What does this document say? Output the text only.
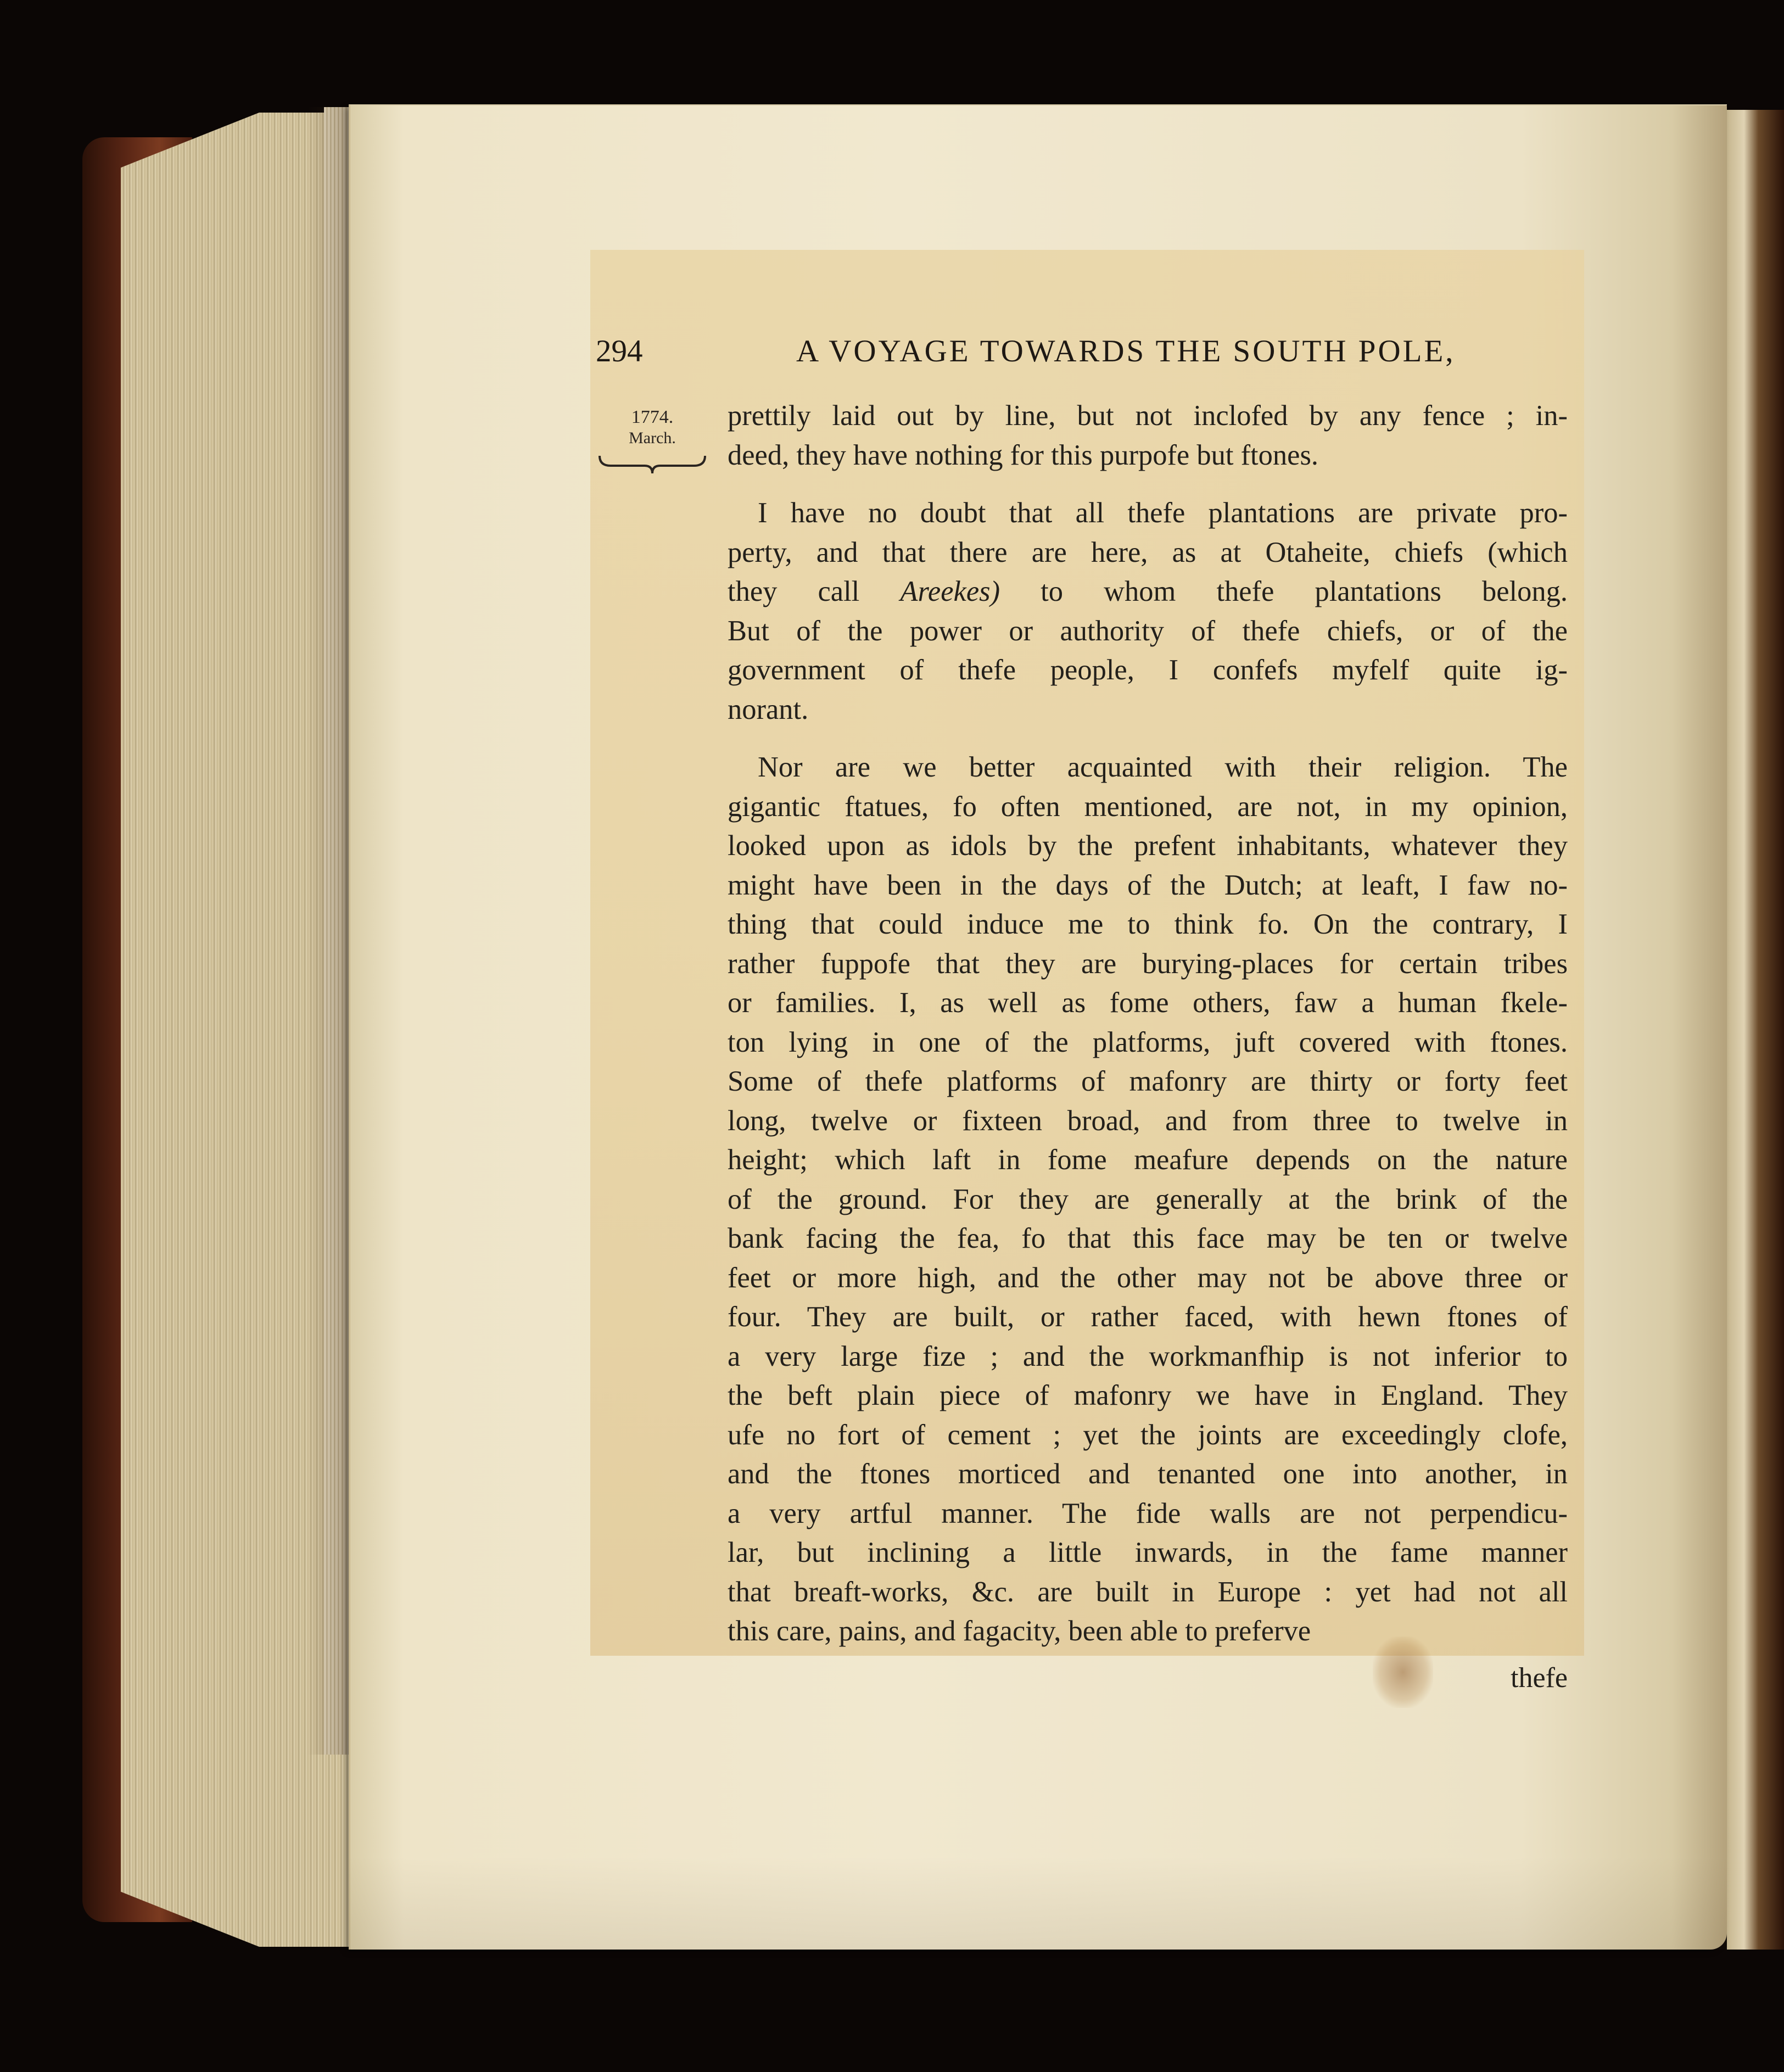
294	A VOYAGE TOWARDS THE SOUTH POLE,
1774.
March.
prettily laid out by line, but not inclofed by any fence ; in-
deed, they have nothing for this purpofe but ftones.
I have no doubt that all thefe plantations are private pro-
perty, and that there are here, as at Otaheite, chiefs (which
they call Areekes) to whom thefe plantations belong.
But of the power or authority of thefe chiefs, or of the
government of thefe people, I confefs myfelf quite ig-
norant.
Nor are we better acquainted with their religion. The
gigantic ftatues, fo often mentioned, are not, in my opinion,
looked upon as idols by the prefent inhabitants, whatever they
might have been in the days of the Dutch; at leaft, I faw no-
thing that could induce me to think fo. On the contrary, I
rather fuppofe that they are burying-places for certain tribes
or families. I, as well as fome others, faw a human fkele-
ton lying in one of the platforms, juft covered with ftones.
Some of thefe platforms of mafonry are thirty or forty feet
long, twelve or fixteen broad, and from three to twelve in
height; which laft in fome meafure depends on the nature
of the ground. For they are generally at the brink of the
bank facing the fea, fo that this face may be ten or twelve
feet or more high, and the other may not be above three or
four. They are built, or rather faced, with hewn ftones of
a very large fize ; and the workmanfhip is not inferior to
the beft plain piece of mafonry we have in England. They
ufe no fort of cement ; yet the joints are exceedingly clofe,
and the ftones morticed and tenanted one into another, in
a very artful manner. The fide walls are not perpendicu-
lar, but inclining a little inwards, in the fame manner
that breaft-works, &c. are built in Europe : yet had not all
this care, pains, and fagacity, been able to preferve
thefe
